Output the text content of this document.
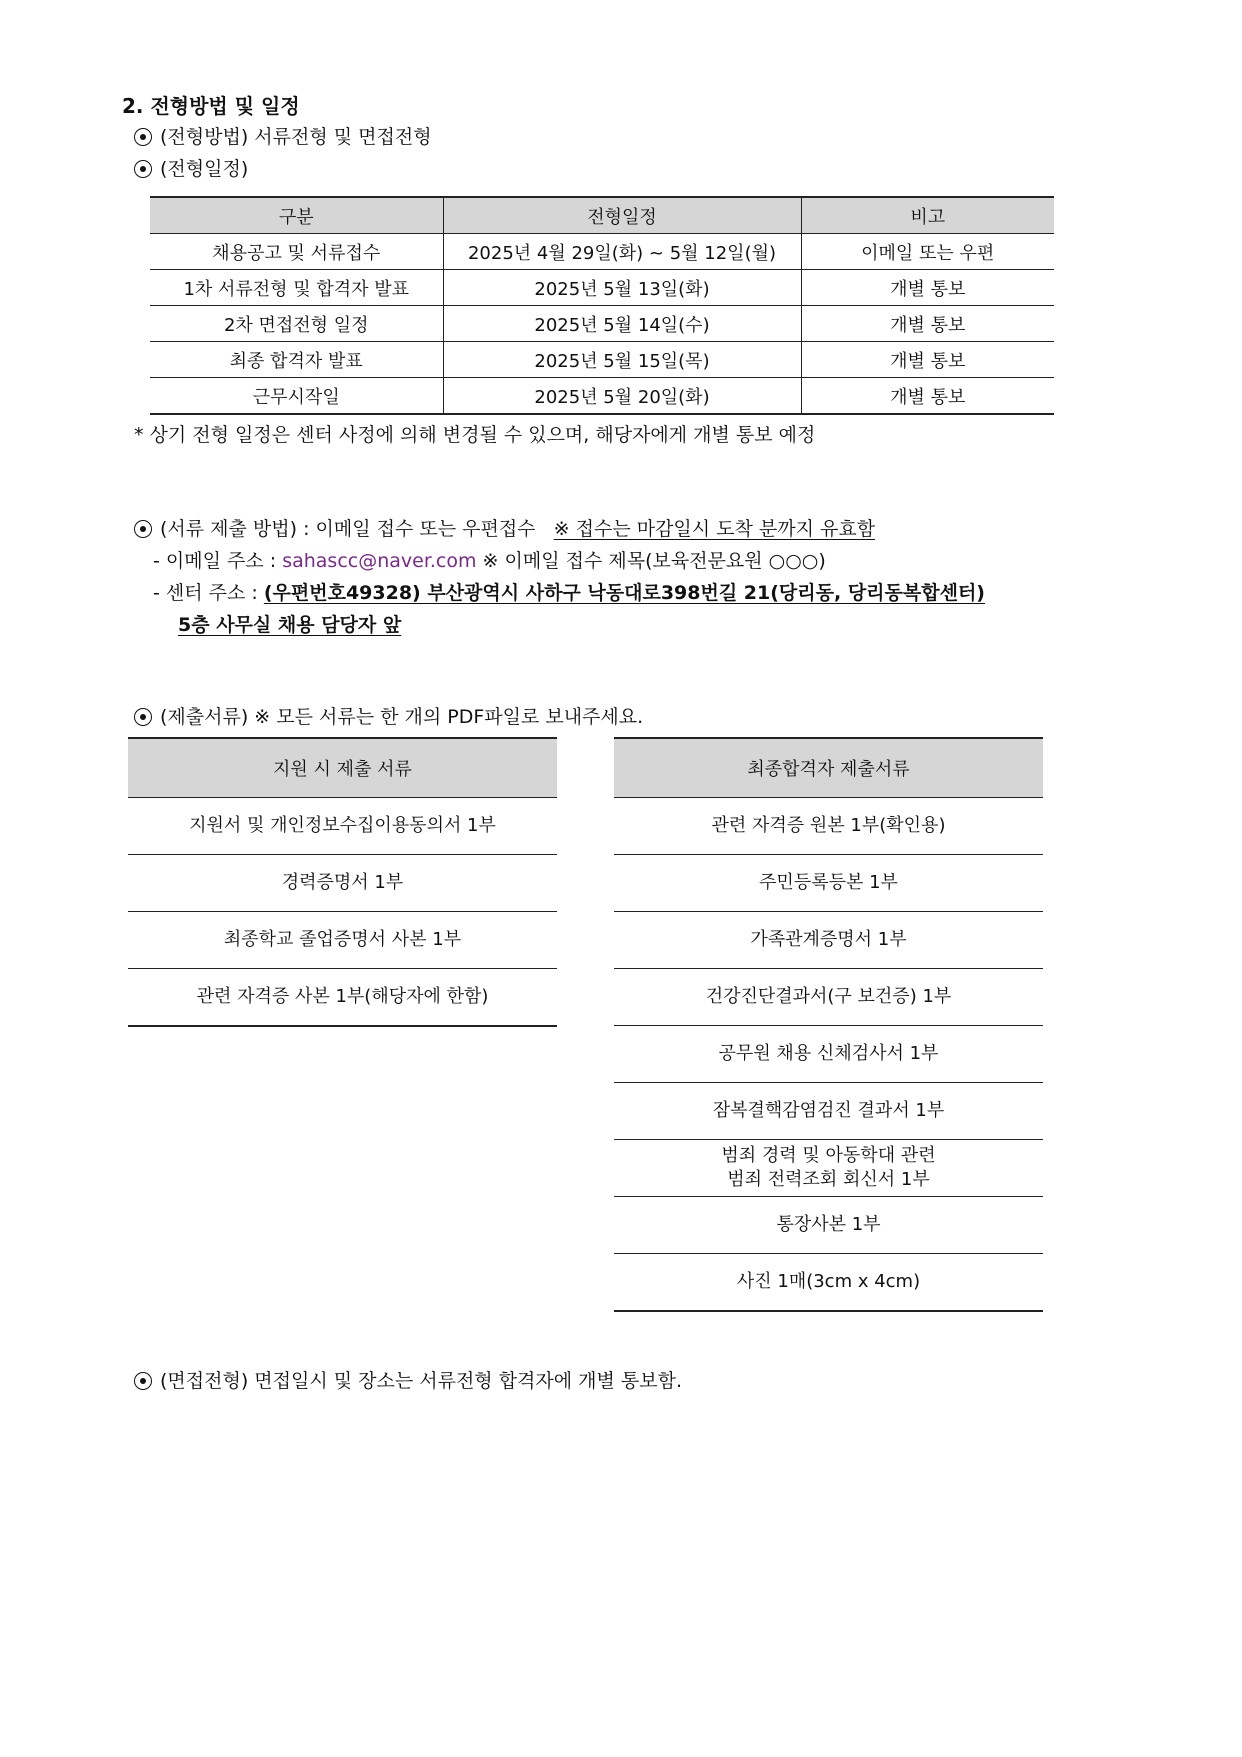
2. 전형방법 및 일정
(전형방법) 서류전형 및 면접전형
(전형일정)
구분	전형일정	비고
채용공고 및 서류접수	2025년 4월 29일(화) ~ 5월 12일(월)	이메일 또는 우편
1차 서류전형 및 합격자 발표	2025년 5월 13일(화)	개별 통보
2차 면접전형 일정	2025년 5월 14일(수)	개별 통보
최종 합격자 발표	2025년 5월 15일(목)	개별 통보
근무시작일	2025년 5월 20일(화)	개별 통보
* 상기 전형 일정은 센터 사정에 의해 변경될 수 있으며, 해당자에게 개별 통보 예정
(서류 제출 방법) : 이메일 접수 또는 우편접수 ※ 접수는 마감일시 도착 분까지 유효함
- 이메일 주소 : sahascc@naver.com ※ 이메일 접수 제목(보육전문요원 ○○○)
- 센터 주소 : (우편번호49328) 부산광역시 사하구 낙동대로398번길 21(당리동, 당리동복합센터)
5층 사무실 채용 담당자 앞
(제출서류) ※ 모든 서류는 한 개의 PDF파일로 보내주세요.
지원 시 제출 서류
지원서 및 개인정보수집이용동의서 1부
경력증명서 1부
최종학교 졸업증명서 사본 1부
관련 자격증 사본 1부(해당자에 한함)
최종합격자 제출서류
관련 자격증 원본 1부(확인용)
주민등록등본 1부
가족관계증명서 1부
건강진단결과서(구 보건증) 1부
공무원 채용 신체검사서 1부
잠복결핵감염검진 결과서 1부

범죄 경력 및 아동학대 관련
범죄 전력조회 회신서 1부

통장사본 1부
사진 1매(3cm x 4cm)
(면접전형) 면접일시 및 장소는 서류전형 합격자에 개별 통보함.
